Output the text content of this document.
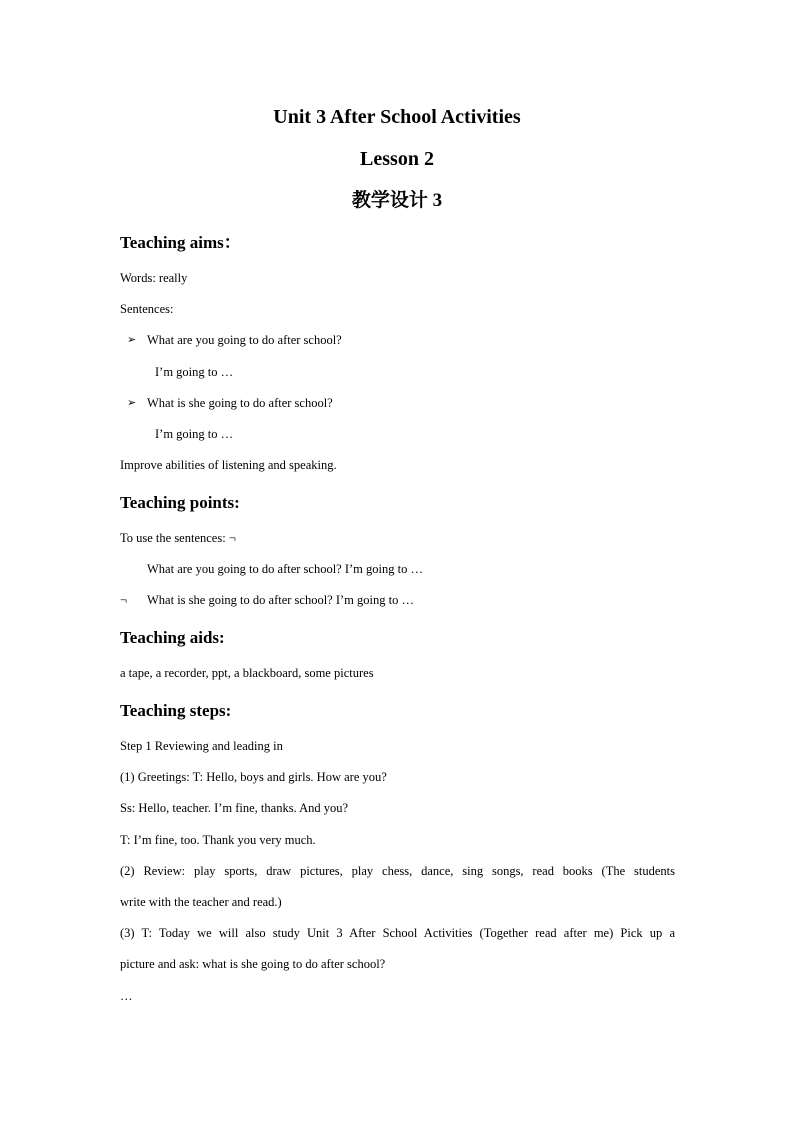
Unit 3 After School Activities
Lesson 2
教学设计 3
Teaching aims：
Words: really
Sentences:
➢ What are you going to do after school?
I’m going to …
➢ What is she going to do after school?
I’m going to …
Improve abilities of listening and speaking.
Teaching points:
To use the sentences: ¬
What are you going to do after school? I’m going to …
¬ What is she going to do after school? I’m going to …
Teaching aids:
a tape, a recorder, ppt, a blackboard, some pictures
Teaching steps:
Step 1 Reviewing and leading in
(1) Greetings: T: Hello, boys and girls. How are you?
Ss: Hello, teacher. I’m fine, thanks. And you?
T: I’m fine, too. Thank you very much.
(2) Review: play sports, draw pictures, play chess, dance, sing songs, read books (The students
write with the teacher and read.)
(3) T: Today we will also study Unit 3 After School Activities (Together read after me) Pick up a
picture and ask: what is she going to do after school?
…
